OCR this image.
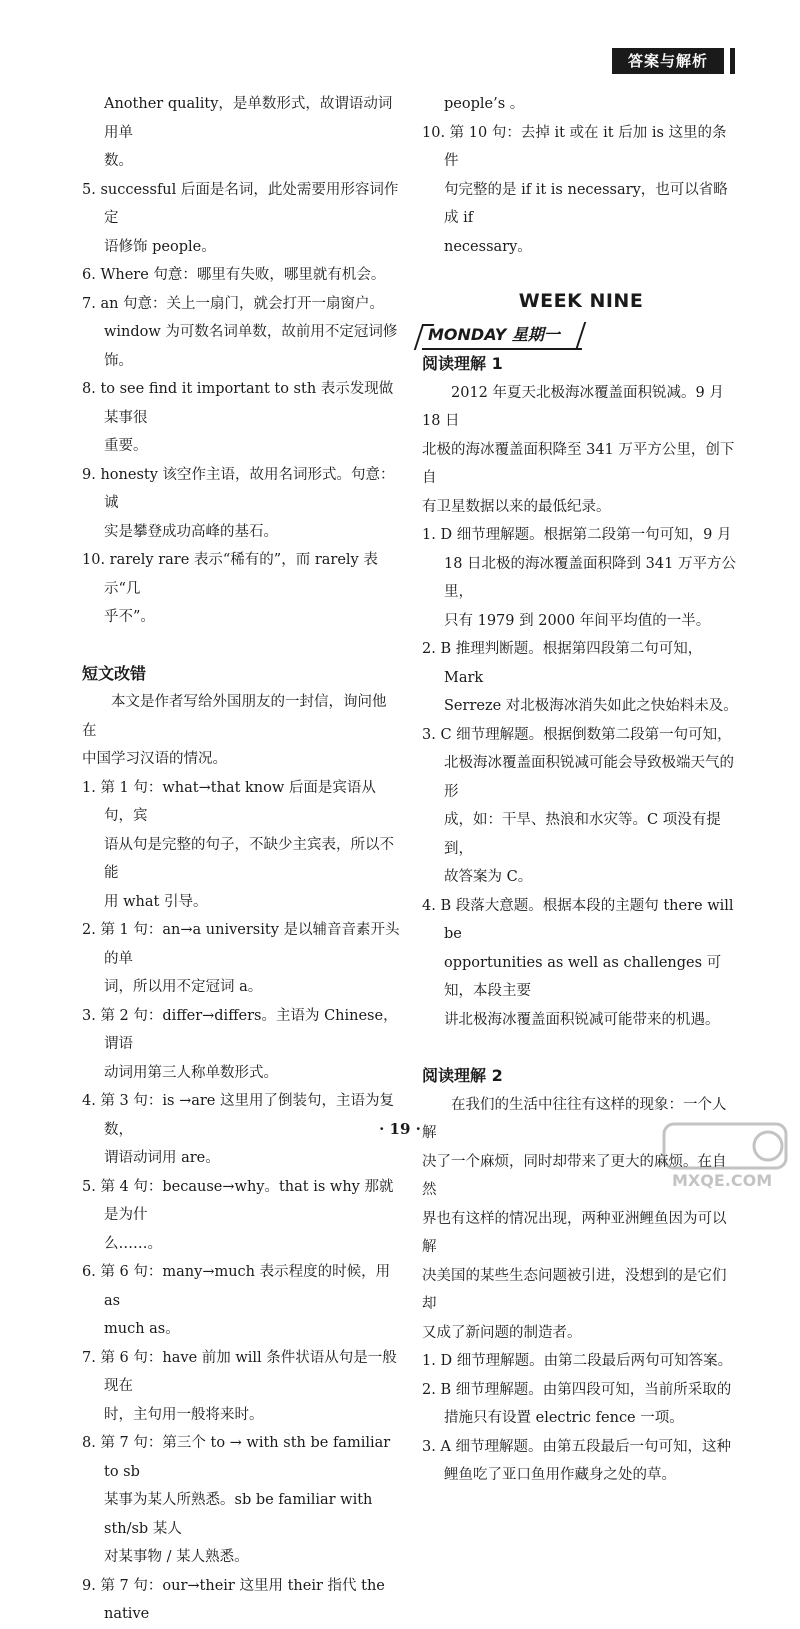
答案与解析

Another quality，是单数形式，故谓语动词用单
数。

5. successful 后面是名词，此处需要用形容词作定
语修饰 people。

6. Where 句意：哪里有失败，哪里就有机会。

7. an 句意：关上一扇门，就会打开一扇窗户。
window 为可数名词单数，故前用不定冠词修饰。

8. to see find it important to sth 表示发现做某事很
重要。

9. honesty 该空作主语，故用名词形式。句意：诚
实是攀登成功高峰的基石。

10. rarely rare 表示“稀有的”，而 rarely 表示“几
乎不”。

短文改错

本文是作者写给外国朋友的一封信，询问他在
中国学习汉语的情况。

1. 第 1 句：what→that know 后面是宾语从句，宾
语从句是完整的句子，不缺少主宾表，所以不能
用 what 引导。

2. 第 1 句：an→a university 是以辅音音素开头的单
词，所以用不定冠词 a。

3. 第 2 句：differ→differs。主语为 Chinese，谓语
动词用第三人称单数形式。

4. 第 3 句：is →are 这里用了倒装句，主语为复数，
谓语动词用 are。

5. 第 4 句：because→why。that is why 那就是为什
么……。

6. 第 6 句：many→much 表示程度的时候，用 as
much as。

7. 第 6 句：have 前加 will 条件状语从句是一般现在
时，主句用一般将来时。

8. 第 7 句：第三个 to → with sth be familiar to sb
某事为某人所熟悉。sb be familiar with sth/sb 某人
对某事物 / 某人熟悉。

9. 第 7 句：our→their 这里用 their 指代 the native

people’s 。

10. 第 10 句：去掉 it 或在 it 后加 is 这里的条件
句完整的是 if it is necessary，也可以省略成 if
necessary。

WEEK NINE

MONDAY 星期一

阅读理解 1

2012 年夏天北极海冰覆盖面积锐减。9 月 18 日
北极的海冰覆盖面积降至 341 万平方公里，创下自
有卫星数据以来的最低纪录。

1. D 细节理解题。根据第二段第一句可知，9 月
18 日北极的海冰覆盖面积降到 341 万平方公里，
只有 1979 到 2000 年间平均值的一半。

2. B 推理判断题。根据第四段第二句可知，Mark
Serreze 对北极海冰消失如此之快始料未及。

3. C 细节理解题。根据倒数第二段第一句可知，
北极海冰覆盖面积锐减可能会导致极端天气的形
成，如：干旱、热浪和水灾等。C 项没有提到，
故答案为 C。

4. B 段落大意题。根据本段的主题句 there will be
opportunities as well as challenges 可知，本段主要
讲北极海冰覆盖面积锐减可能带来的机遇。

阅读理解 2

在我们的生活中往往有这样的现象：一个人解
决了一个麻烦，同时却带来了更大的麻烦。在自然
界也有这样的情况出现，两种亚洲鲤鱼因为可以解
决美国的某些生态问题被引进，没想到的是它们却
又成了新问题的制造者。

1. D 细节理解题。由第二段最后两句可知答案。

2. B 细节理解题。由第四段可知，当前所采取的
措施只有设置 electric fence 一项。

3. A 细节理解题。由第五段最后一句可知，这种
鲤鱼吃了亚口鱼用作藏身之处的草。

· 19 ·
MXQE.COM
